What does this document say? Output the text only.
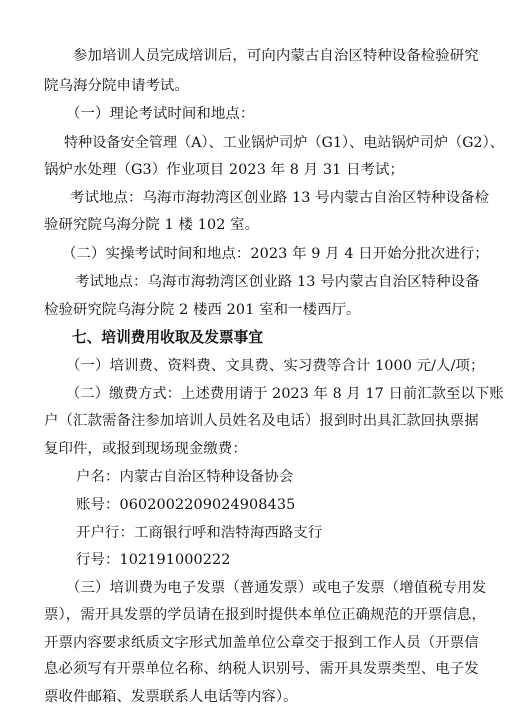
参加培训人员完成培训后，可向内蒙古自治区特种设备检验研究
院乌海分院申请考试。
（一）理论考试时间和地点：
特种设备安全管理（A）、工业锅炉司炉（G1）、电站锅炉司炉（G2）、
锅炉水处理（G3）作业项目 2023 年 8 月 31 日考试；
考试地点：乌海市海勃湾区创业路 13 号内蒙古自治区特种设备检
验研究院乌海分院 1 楼 102 室。
（二）实操考试时间和地点：2023 年 9 月 4 日开始分批次进行；
考试地点：乌海市海勃湾区创业路 13 号内蒙古自治区特种设备
检验研究院乌海分院 2 楼西 201 室和一楼西厅。
七、培训费用收取及发票事宜
（一）培训费、资料费、文具费、实习费等合计 1000 元/人/项；
（二）缴费方式：上述费用请于 2023 年 8 月 17 日前汇款至以下账
户（汇款需备注参加培训人员姓名及电话）报到时出具汇款回执票据
复印件，或报到现场现金缴费：
户名：内蒙古自治区特种设备协会
账号：0602002209024908435
开户行：工商银行呼和浩特海西路支行
行号：102191000222
（三）培训费为电子发票（普通发票）或电子发票（增值税专用发
票），需开具发票的学员请在报到时提供本单位正确规范的开票信息，
开票内容要求纸质文字形式加盖单位公章交于报到工作人员（开票信
息必须写有开票单位名称、纳税人识别号、需开具发票类型、电子发
票收件邮箱、发票联系人电话等内容）。
